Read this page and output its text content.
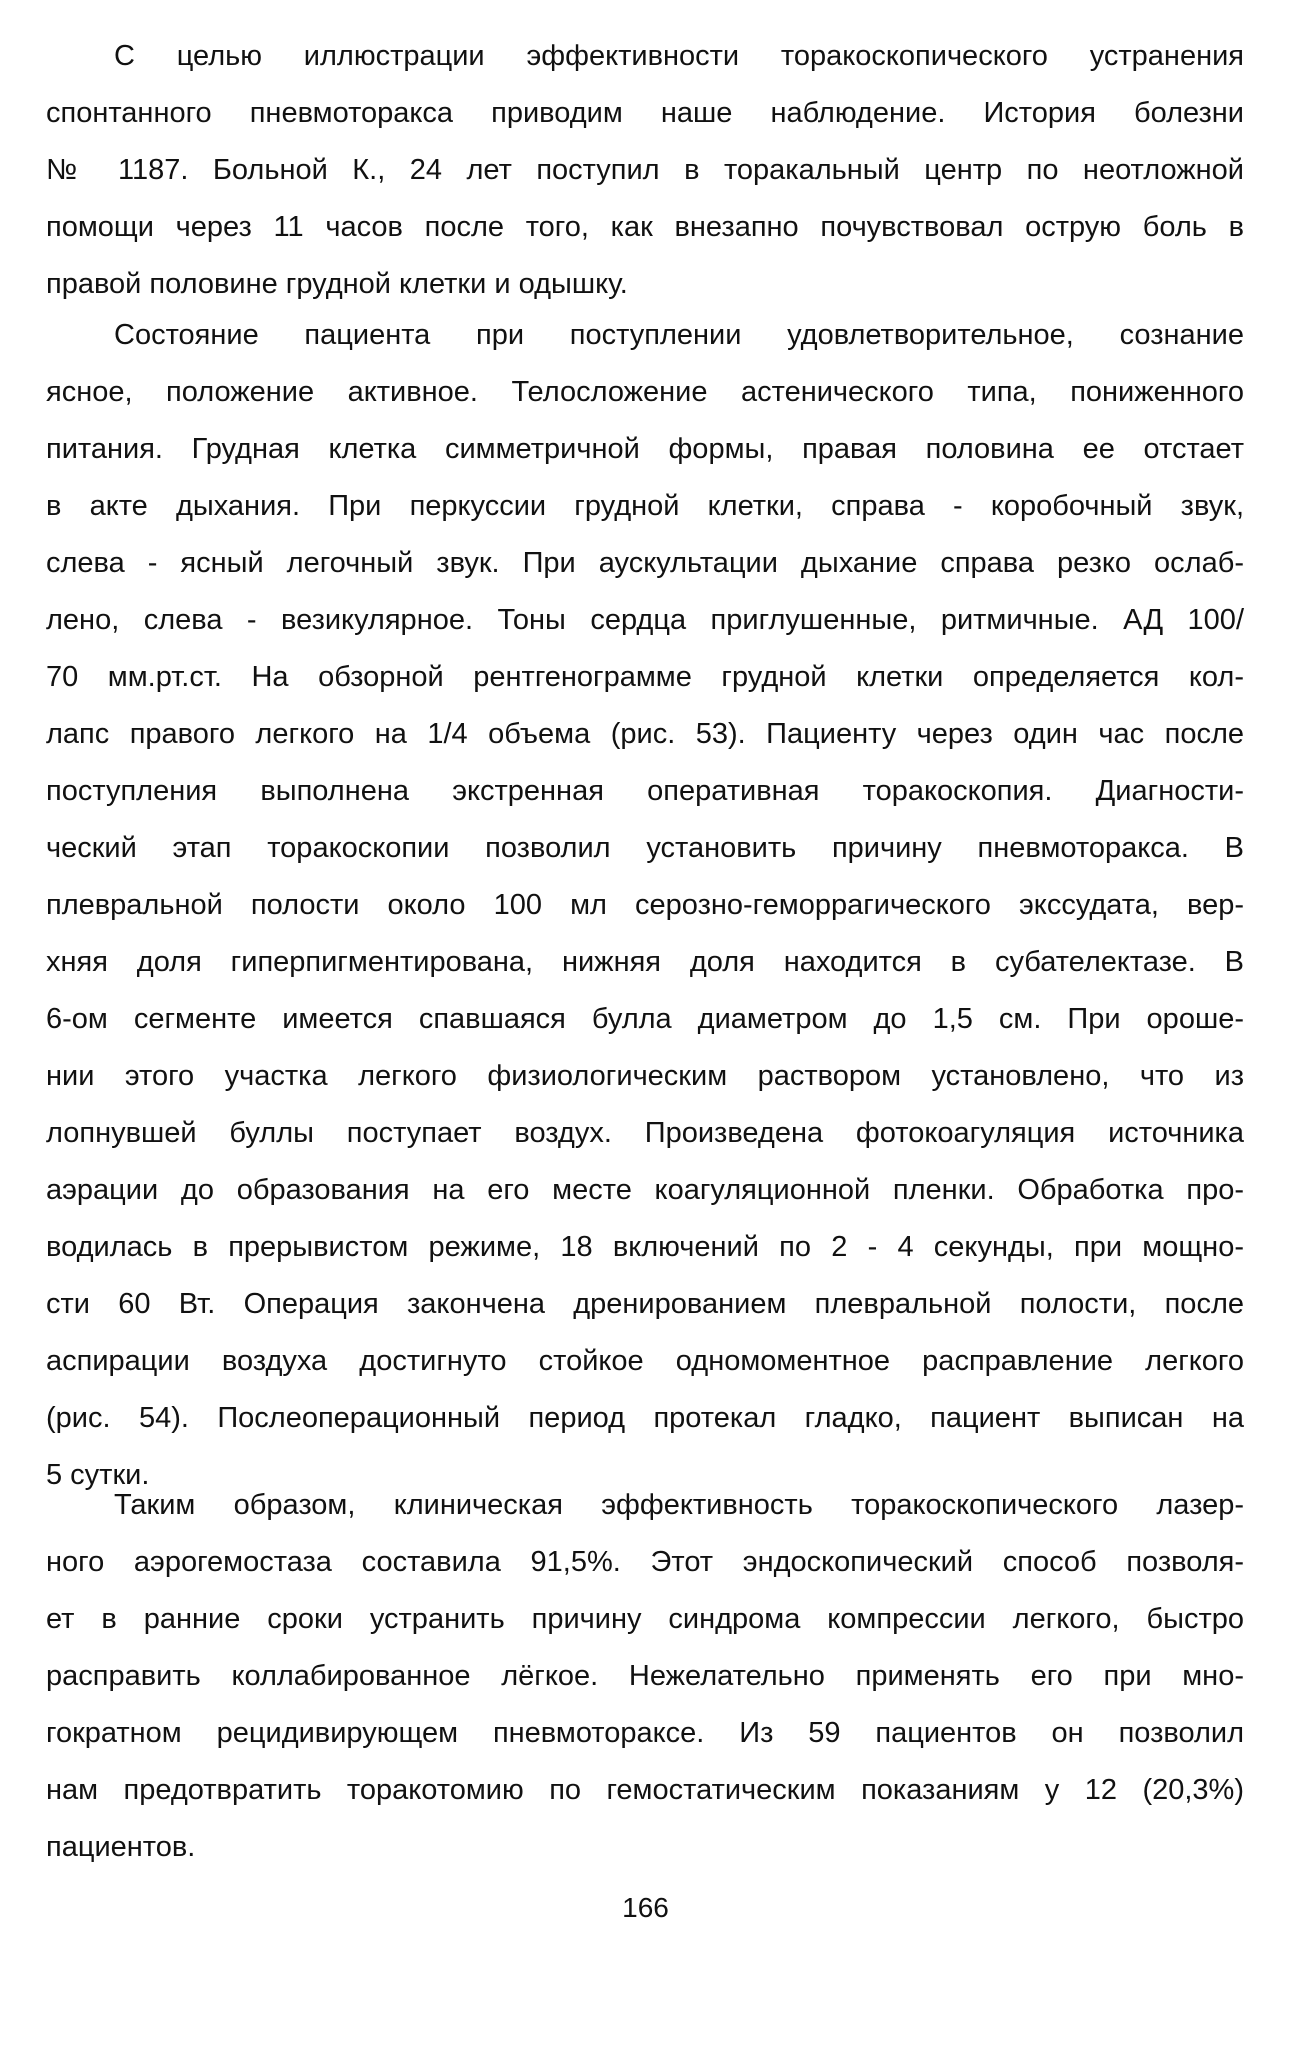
С целью иллюстрации эффективности торакоскопического устранения
спонтанного пневмоторакса приводим наше наблюдение. История болезни
№ 1187. Больной К., 24 лет поступил в торакальный центр по неотложной
помощи через 11 часов после того, как внезапно почувствовал острую боль в
правой половине грудной клетки и одышку.
Состояние пациента при поступлении удовлетворительное, сознание
ясное, положение активное. Телосложение астенического типа, пониженного
питания. Грудная клетка симметричной формы, правая половина ее отстает
в акте дыхания. При перкуссии грудной клетки, справа - коробочный звук,
слева - ясный легочный звук. При аускультации дыхание справа резко ослаб-
лено, слева - везикулярное. Тоны сердца приглушенные, ритмичные. АД 100/
70 мм.рт.ст. На обзорной рентгенограмме грудной клетки определяется кол-
лапс правого легкого на 1/4 объема (рис. 53). Пациенту через один час после
поступления выполнена экстренная оперативная торакоскопия. Диагности-
ческий этап торакоскопии позволил установить причину пневмоторакса. В
плевральной полости около 100 мл серозно-геморрагического экссудата, вер-
хняя доля гиперпигментирована, нижняя доля находится в субателектазе. В
6-ом сегменте имеется спавшаяся булла диаметром до 1,5 см. При ороше-
нии этого участка легкого физиологическим раствором установлено, что из
лопнувшей буллы поступает воздух. Произведена фотокоагуляция источника
аэрации до образования на его месте коагуляционной пленки. Обработка про-
водилась в прерывистом режиме, 18 включений по 2 - 4 секунды, при мощно-
сти 60 Вт. Операция закончена дренированием плевральной полости, после
аспирации воздуха достигнуто стойкое одномоментное расправление легкого
(рис. 54). Послеоперационный период протекал гладко, пациент выписан на
5 сутки.
Таким образом, клиническая эффективность торакоскопического лазер-
ного аэрогемостаза составила 91,5%. Этот эндоскопический способ позволя-
ет в ранние сроки устранить причину синдрома компрессии легкого, быстро
расправить коллабированное лёгкое. Нежелательно применять его при мно-
гократном рецидивирующем пневмотораксе. Из 59 пациентов он позволил
нам предотвратить торакотомию по гемостатическим показаниям у 12 (20,3%)
пациентов.
166
